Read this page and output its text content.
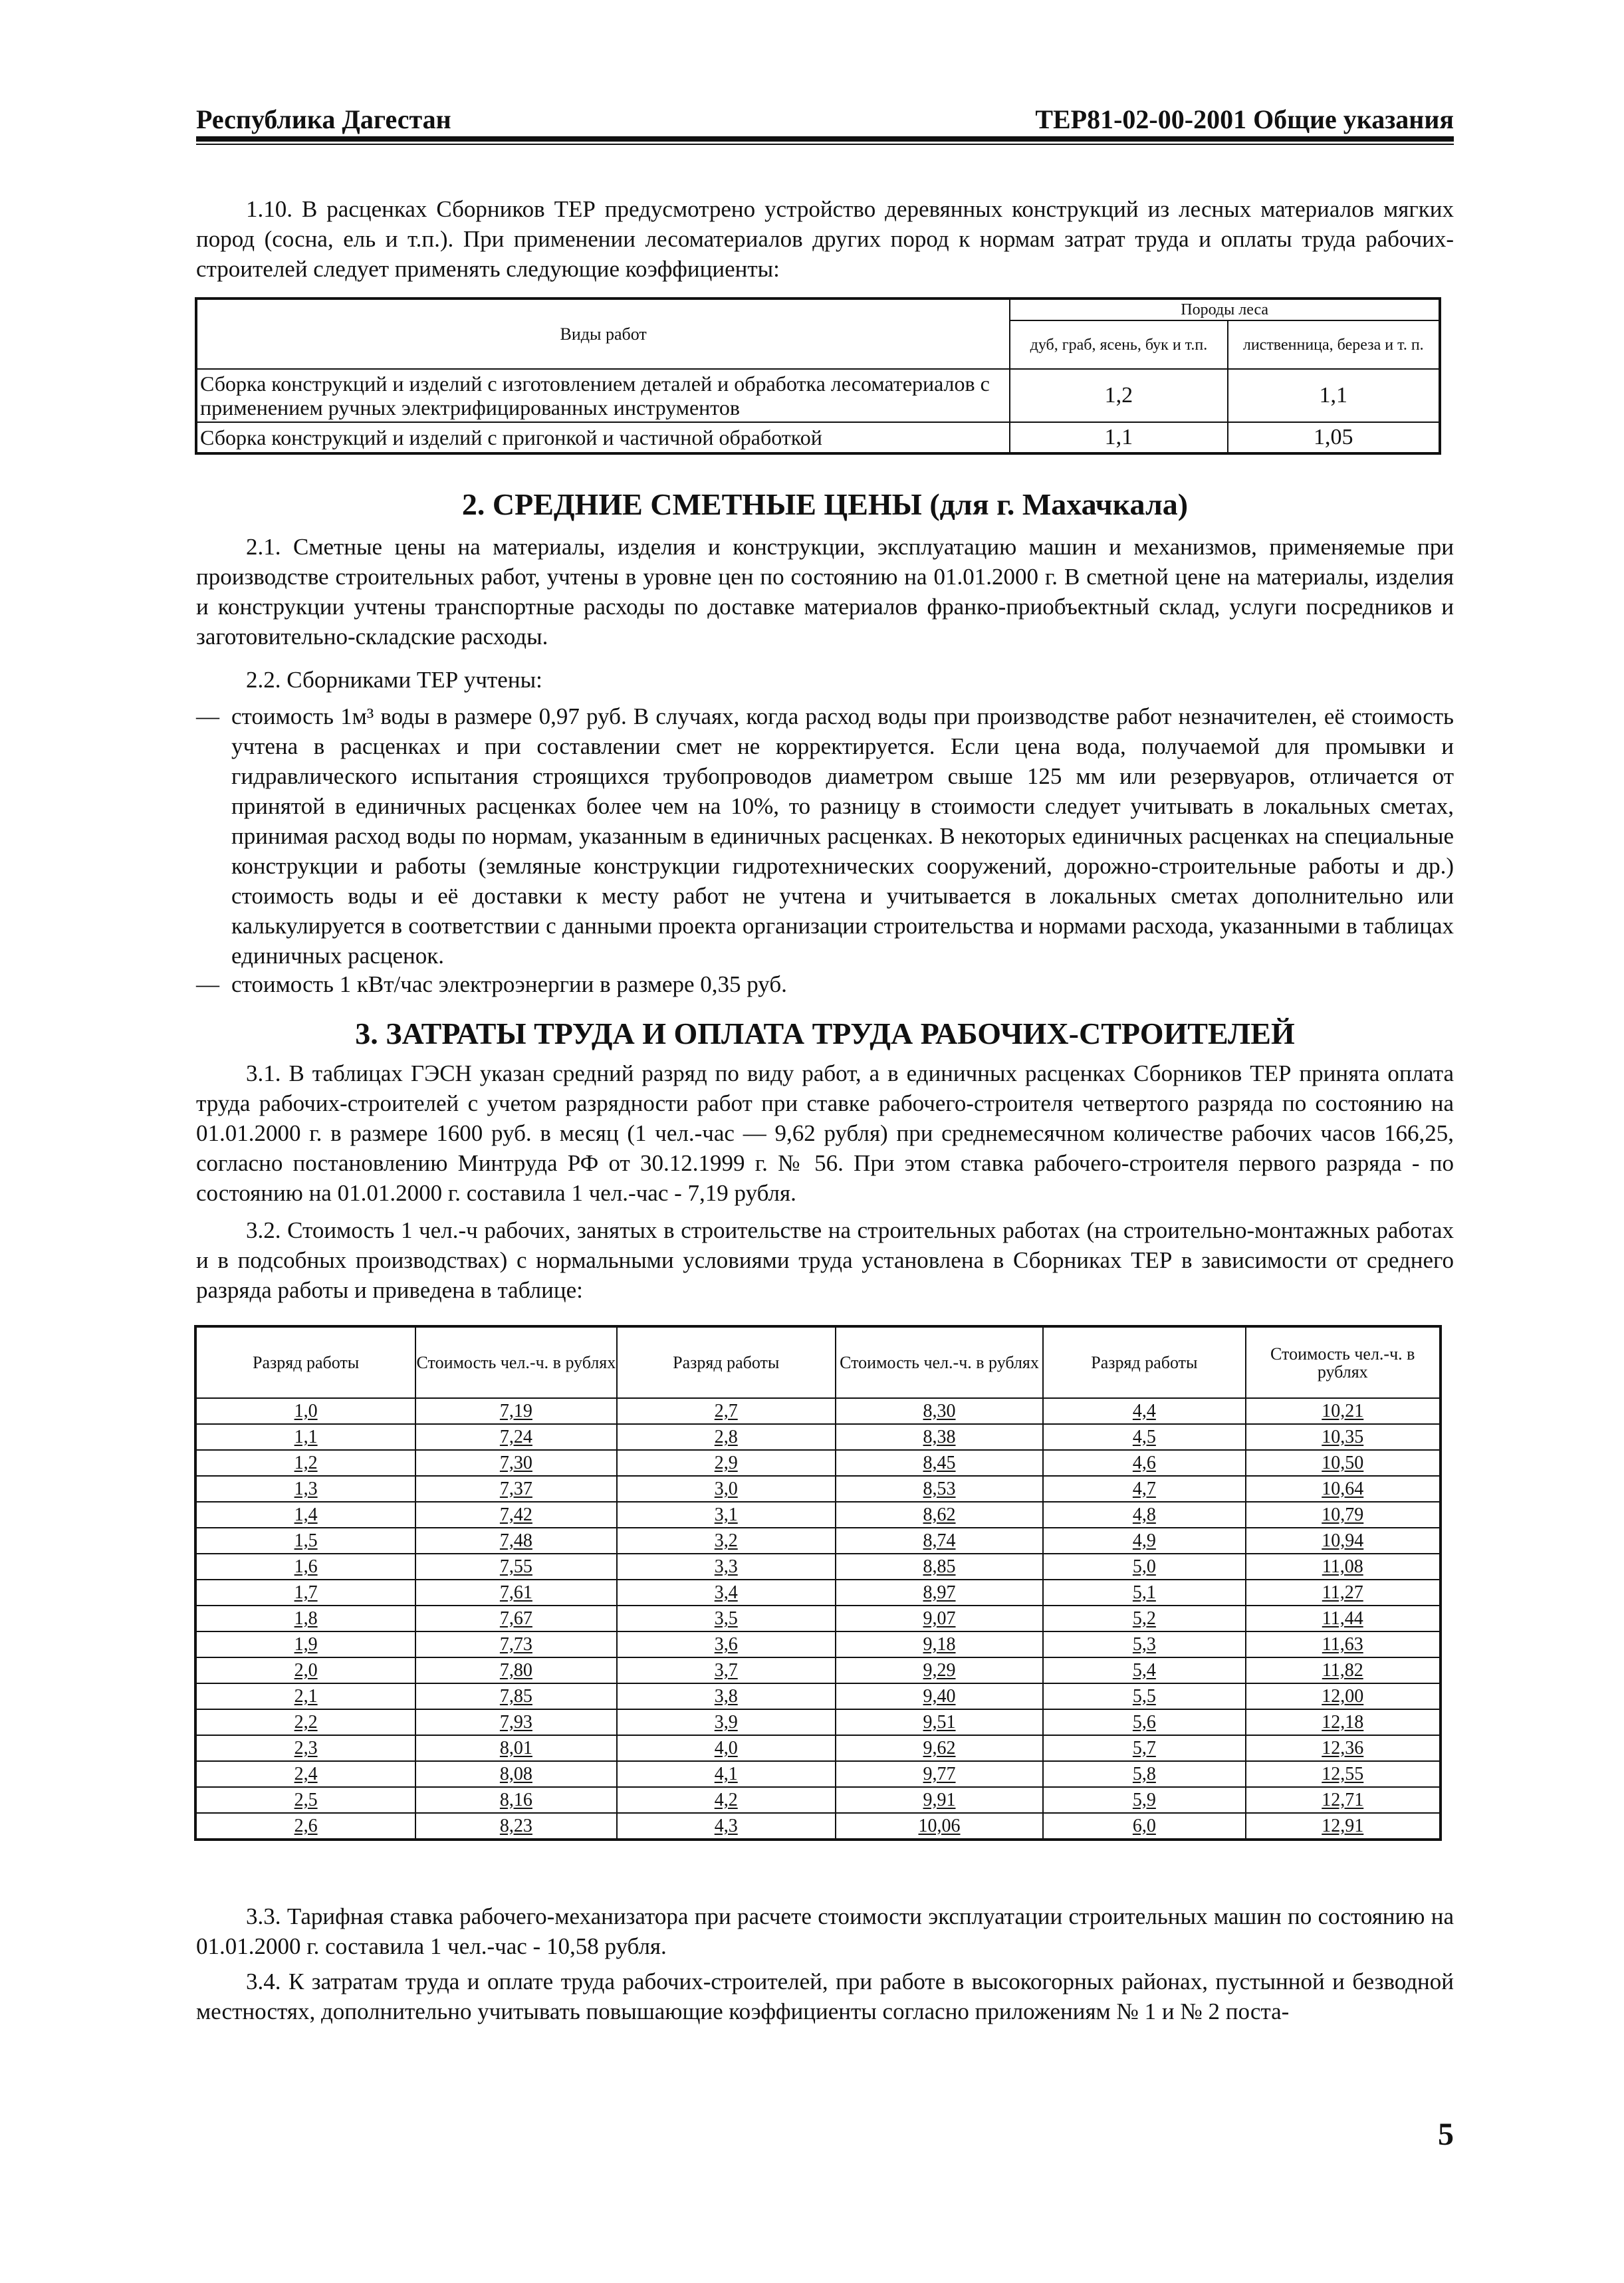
Республика Дагестан	ТЕР81-02-00-2001 Общие указания

1.10. В расценках Сборников ТЕР предусмотрено устройство деревянных конструкций из лесных материалов мягких пород (сосна, ель и т.п.). При применении лесоматериалов других пород к нормам затрат труда и оплаты труда рабочих-строителей следует применять следующие коэффициенты:

Виды работ	Породы леса	
	дуб, граб, ясень, бук и т.п.	лиственница, береза и т. п.
Сборка конструкций и изделий с изготовлением деталей и обработка лесоматериалов с применением ручных электрифицированных инструментов	1,2	1,1
Сборка конструкций и изделий с пригонкой и частичной обработкой	1,1	1,05
2. СРЕДНИЕ СМЕТНЫЕ ЦЕНЫ (для г. Махачкала)

2.1. Сметные цены на материалы, изделия и конструкции, эксплуатацию машин и механизмов, применяемые при производстве строительных работ, учтены в уровне цен по состоянию на 01.01.2000 г. В сметной цене на материалы, изделия и конструкции учтены транспортные расходы по доставке материалов франко-приобъектный склад, услуги посредников и заготовительно-складские расходы.

2.2. Сборниками ТЕР учтены:

— стоимость 1м³ воды в размере 0,97 руб. В случаях, когда расход воды при производстве работ незначителен, её стоимость учтена в расценках и при составлении смет не корректируется. Если цена вода, получаемой для промывки и гидравлического испытания строящихся трубопроводов диаметром свыше 125 мм или резервуаров, отличается от принятой в единичных расценках более чем на 10%, то разницу в стоимости следует учитывать в локальных сметах, принимая расход воды по нормам, указанным в единичных расценках. В некоторых единичных расценках на специальные конструкции и работы (земляные конструкции гидротехнических сооружений, дорожно-строительные работы и др.) стоимость воды и её доставки к месту работ не учтена и учитывается в локальных сметах дополнительно или калькулируется в соответствии с данными проекта организации строительства и нормами расхода, указанными в таблицах единичных расценок.
— стоимость 1 кВт/час электроэнергии в размере 0,35 руб.
3. ЗАТРАТЫ ТРУДА И ОПЛАТА ТРУДА РАБОЧИХ-СТРОИТЕЛЕЙ

3.1. В таблицах ГЭСН указан средний разряд по виду работ, а в единичных расценках Сборников ТЕР принята оплата труда рабочих-строителей с учетом разрядности работ при ставке рабочего-строителя четвертого разряда по состоянию на 01.01.2000 г. в размере 1600 руб. в месяц (1 чел.-час — 9,62 рубля) при среднемесячном количестве рабочих часов 166,25, согласно постановлению Минтруда РФ от 30.12.1999 г. № 56. При этом ставка рабочего-строителя первого разряда - по состоянию на 01.01.2000 г. составила 1 чел.-час - 7,19 рубля.

3.2. Стоимость 1 чел.-ч рабочих, занятых в строительстве на строительных работах (на строительно-монтажных работах и в подсобных производствах) с нормальными условиями труда установлена в Сборниках ТЕР в зависимости от среднего разряда работы и приведена в таблице:

Разряд работы	Стоимость чел.-ч. в рублях	Разряд работы	Стоимость чел.-ч. в рублях	Разряд работы	Стоимость чел.-ч. в рублях
1,0	7,19	2,7	8,30	4,4	10,21
1,1	7,24	2,8	8,38	4,5	10,35
1,2	7,30	2,9	8,45	4,6	10,50
1,3	7,37	3,0	8,53	4,7	10,64
1,4	7,42	3,1	8,62	4,8	10,79
1,5	7,48	3,2	8,74	4,9	10,94
1,6	7,55	3,3	8,85	5,0	11,08
1,7	7,61	3,4	8,97	5,1	11,27
1,8	7,67	3,5	9,07	5,2	11,44
1,9	7,73	3,6	9,18	5,3	11,63
2,0	7,80	3,7	9,29	5,4	11,82
2,1	7,85	3,8	9,40	5,5	12,00
2,2	7,93	3,9	9,51	5,6	12,18
2,3	8,01	4,0	9,62	5,7	12,36
2,4	8,08	4,1	9,77	5,8	12,55
2,5	8,16	4,2	9,91	5,9	12,71
2,6	8,23	4,3	10,06	6,0	12,91

3.3. Тарифная ставка рабочего-механизатора при расчете стоимости эксплуатации строительных машин по состоянию на 01.01.2000 г. составила 1 чел.-час - 10,58 рубля.

3.4. К затратам труда и оплате труда рабочих-строителей, при работе в высокогорных районах, пустынной и безводной местностях, дополнительно учитывать повышающие коэффициенты согласно приложениям № 1 и № 2 поста-

5
